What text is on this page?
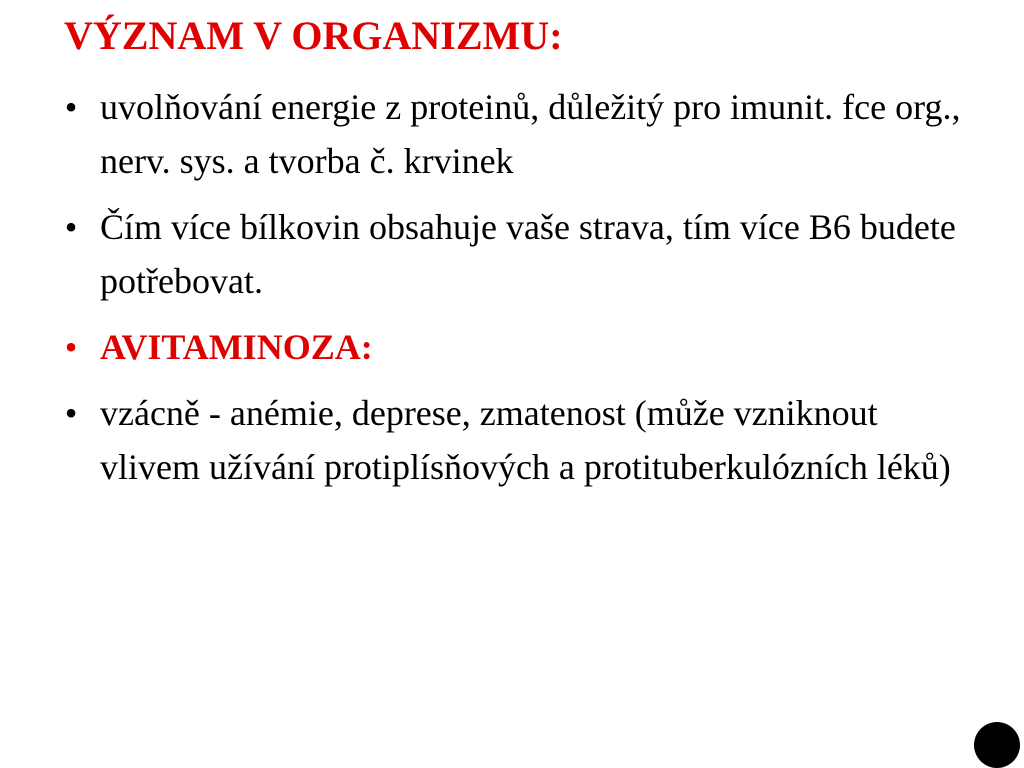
VÝZNAM V ORGANIZMU:
• uvolňování energie z proteinů, důležitý pro imunit. fce org., nerv. sys. a tvorba č. krvinek
• Čím více bílkovin obsahuje vaše strava, tím více B6 budete potřebovat.
• AVITAMINOZA:
• vzácně - anémie, deprese, zmatenost (může vzniknout vlivem užívání protiplísňových a protituberkulózních léků)
